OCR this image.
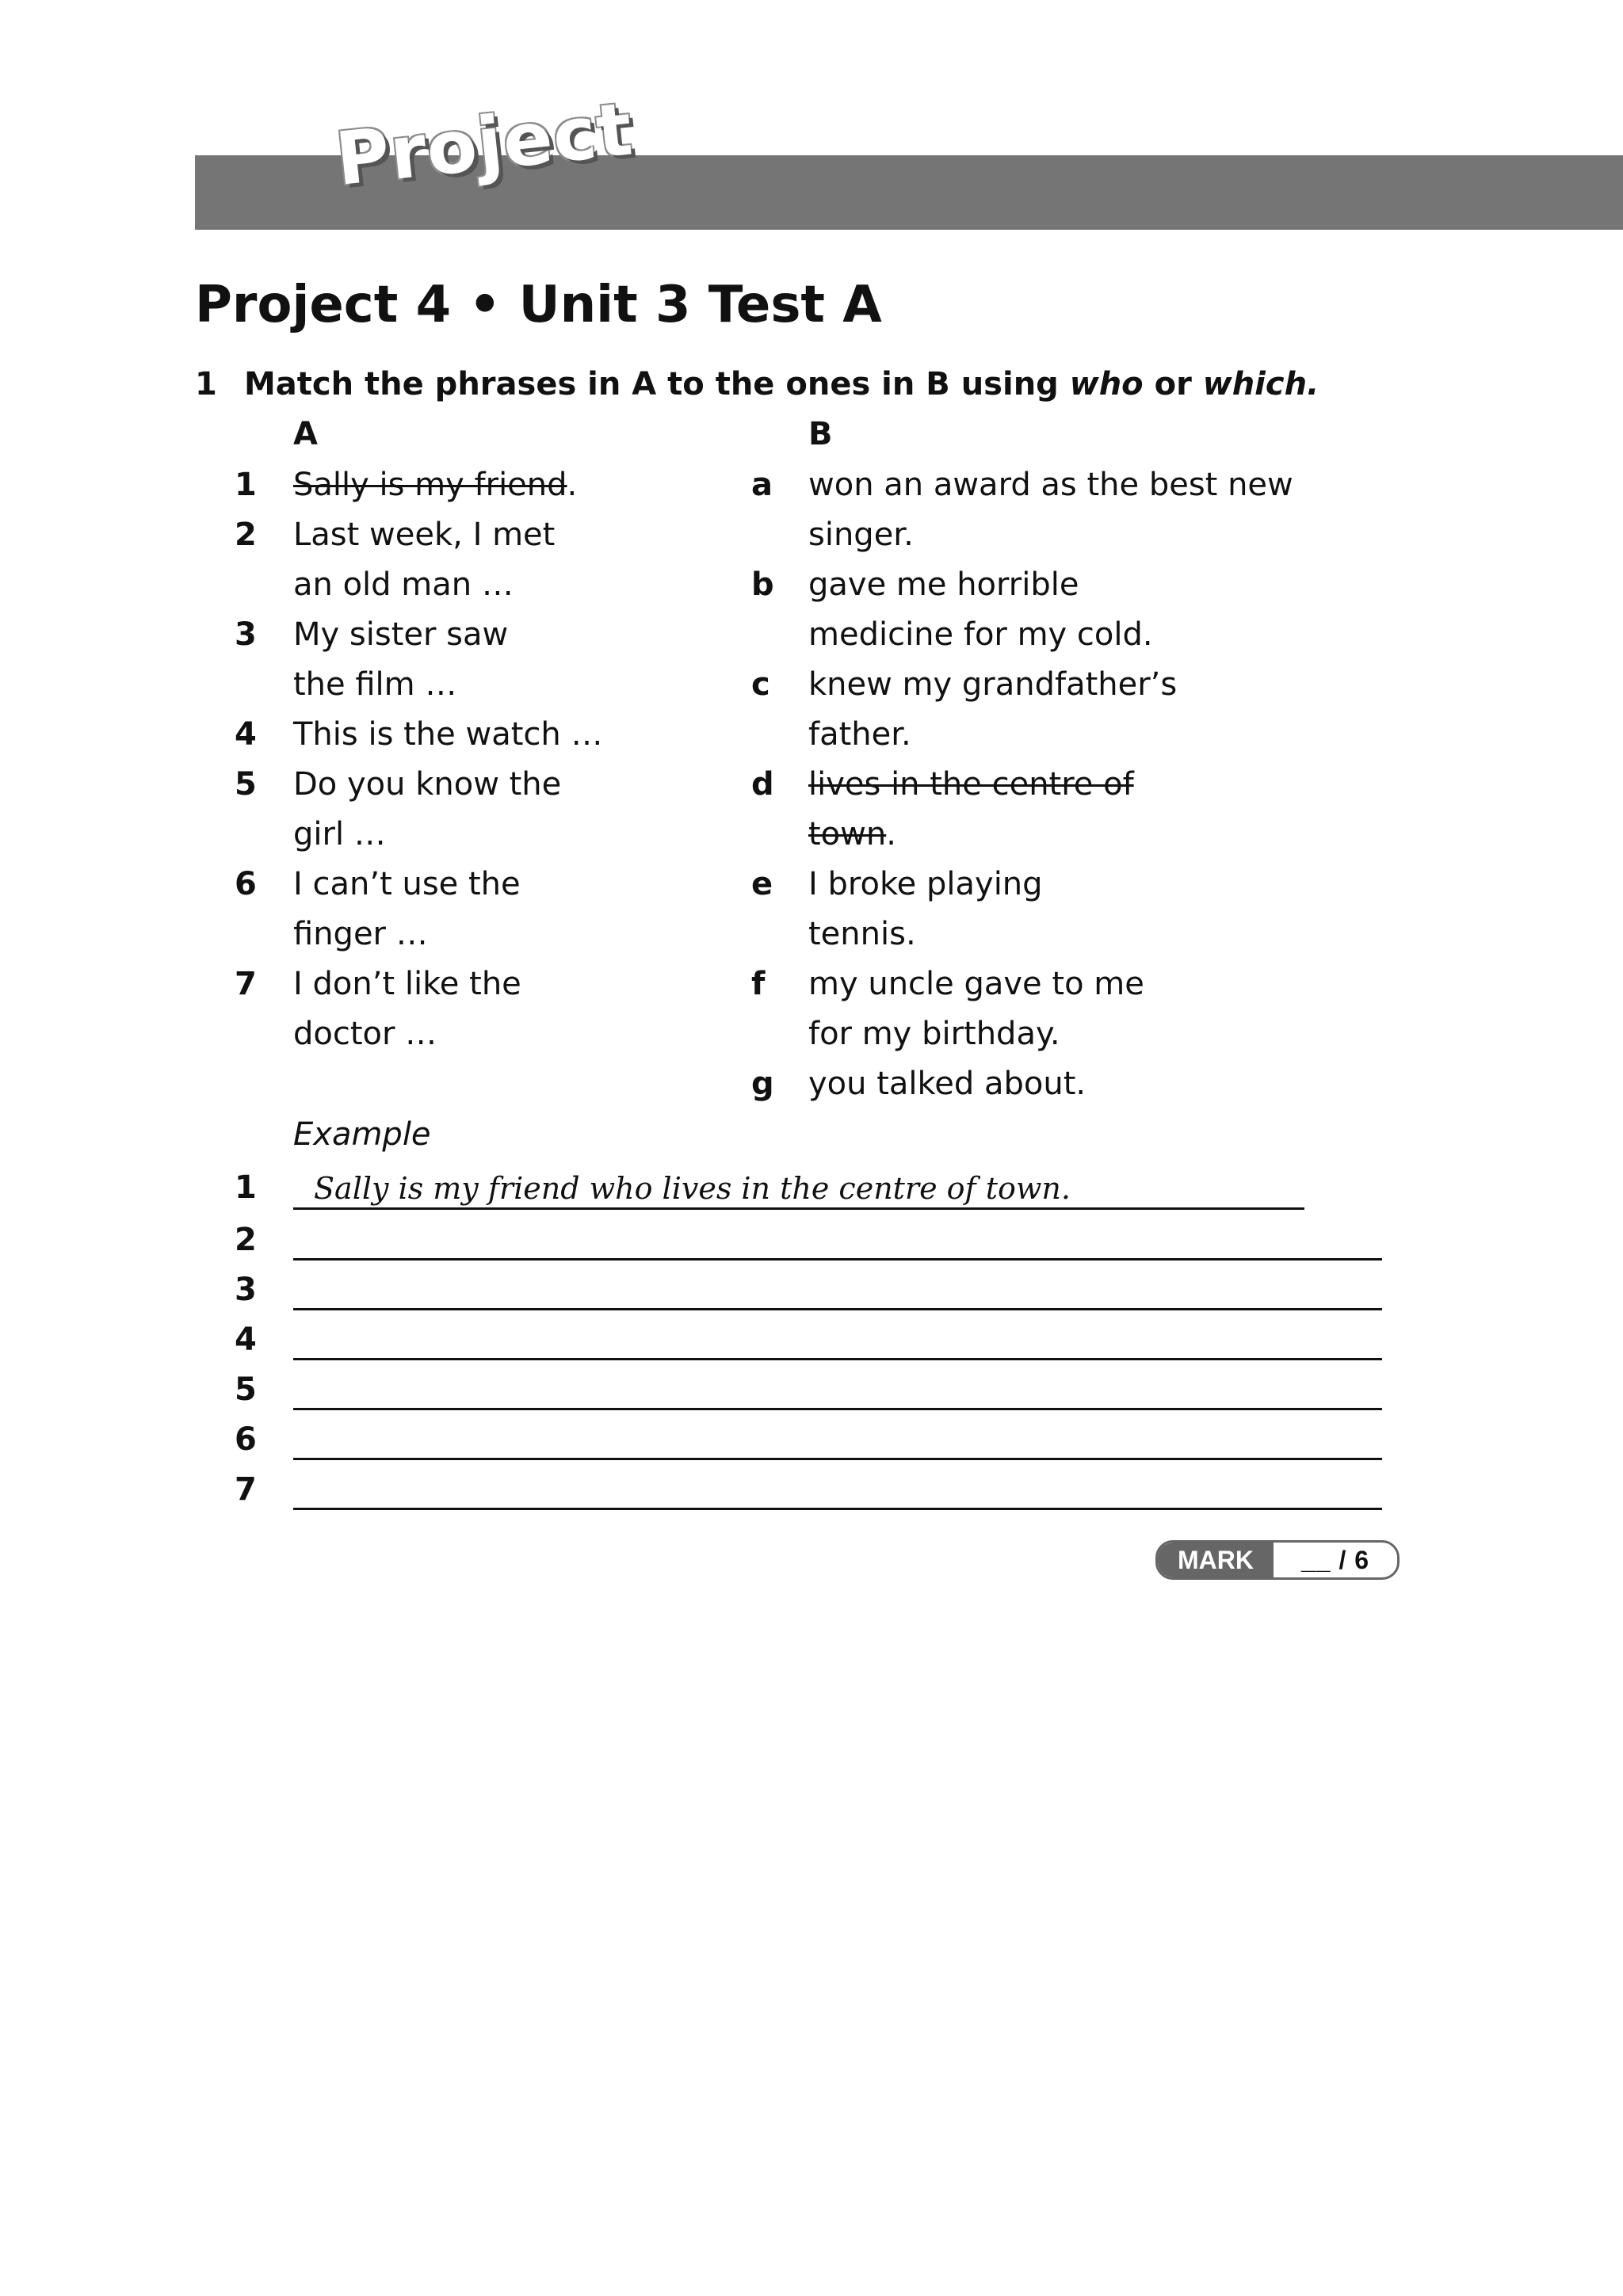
Project
Project 4 • Unit 3 Test A
1 Match the phrases in A to the ones in B using who or which.
A	B
1 Sally is my friend.
2 Last week, I met
an old man …
3 My sister saw
the film …
4 This is the watch …
5 Do you know the
girl …
6 I can’t use the
finger …
7 I don’t like the
doctor …
a won an award as the best new
singer.
b gave me horrible
medicine for my cold.
c knew my grandfather’s
father.
d lives in the centre of
town.
e I broke playing
tennis.
f my uncle gave to me
for my birthday.
g you talked about.
Example
1 Sally is my friend who lives in the centre of town.
2
3
4
5
6
7
MARK	__ / 6
